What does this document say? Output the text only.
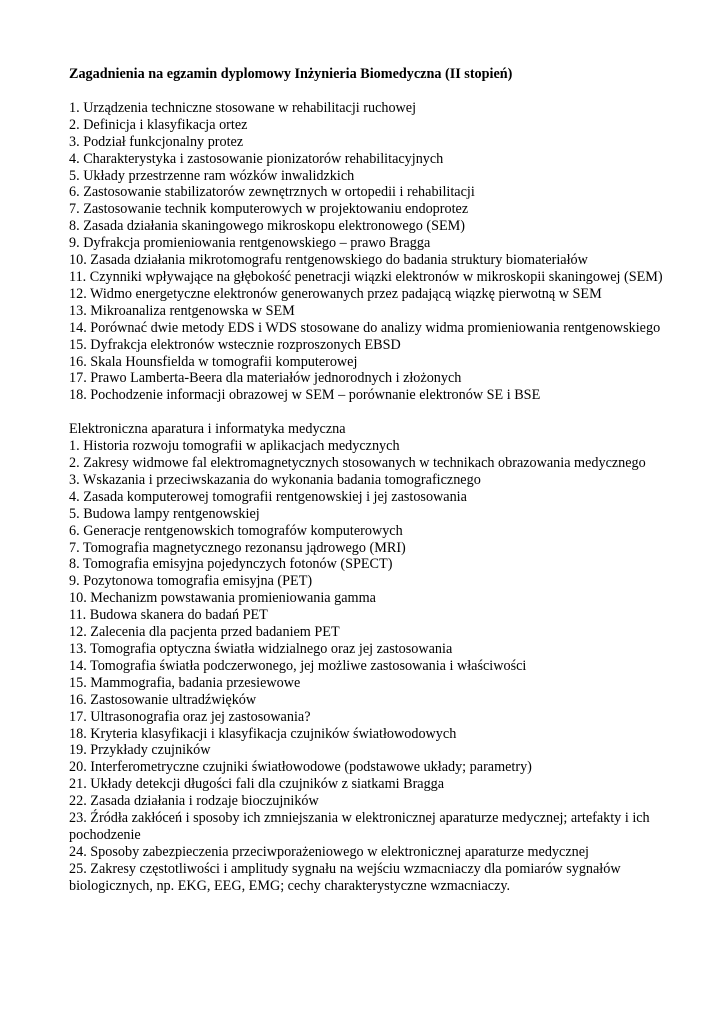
Zagadnienia na egzamin dyplomowy Inżynieria Biomedyczna (II stopień)
1. Urządzenia techniczne stosowane w rehabilitacji ruchowej
2. Definicja i klasyfikacja ortez
3. Podział funkcjonalny protez
4. Charakterystyka i zastosowanie pionizatorów rehabilitacyjnych
5. Układy przestrzenne ram wózków inwalidzkich
6. Zastosowanie stabilizatorów zewnętrznych w ortopedii i rehabilitacji
7. Zastosowanie technik komputerowych w projektowaniu endoprotez
8. Zasada działania skaningowego mikroskopu elektronowego (SEM)
9. Dyfrakcja promieniowania rentgenowskiego – prawo Bragga
10. Zasada działania mikrotomografu rentgenowskiego do badania struktury biomateriałów
11. Czynniki wpływające na głębokość penetracji wiązki elektronów w mikroskopii skaningowej (SEM)
12. Widmo energetyczne elektronów generowanych przez padającą wiązkę pierwotną w SEM
13. Mikroanaliza rentgenowska w SEM
14. Porównać dwie metody EDS i WDS stosowane do analizy widma promieniowania rentgenowskiego
15. Dyfrakcja elektronów wstecznie rozproszonych EBSD
16. Skala Hounsfielda w tomografii komputerowej
17. Prawo Lamberta-Beera dla materiałów jednorodnych i złożonych
18. Pochodzenie informacji obrazowej w SEM – porównanie elektronów SE i BSE
Elektroniczna aparatura i informatyka medyczna
1. Historia rozwoju tomografii w aplikacjach medycznych
2. Zakresy widmowe fal elektromagnetycznych stosowanych w technikach obrazowania medycznego
3. Wskazania i przeciwskazania do wykonania badania tomograficznego
4. Zasada komputerowej tomografii rentgenowskiej i jej zastosowania
5. Budowa lampy rentgenowskiej
6. Generacje rentgenowskich tomografów komputerowych
7. Tomografia magnetycznego rezonansu jądrowego (MRI)
8. Tomografia emisyjna pojedynczych fotonów (SPECT)
9. Pozytonowa tomografia emisyjna (PET)
10. Mechanizm powstawania promieniowania gamma
11. Budowa skanera do badań PET
12. Zalecenia dla pacjenta przed badaniem PET
13. Tomografia optyczna światła widzialnego oraz jej zastosowania
14. Tomografia światła podczerwonego, jej możliwe zastosowania i właściwości
15. Mammografia, badania przesiewowe
16. Zastosowanie ultradźwięków
17. Ultrasonografia oraz jej zastosowania?
18. Kryteria klasyfikacji i klasyfikacja czujników światłowodowych
19. Przykłady czujników
20. Interferometryczne czujniki światłowodowe (podstawowe układy; parametry)
21. Układy detekcji długości fali dla czujników z siatkami Bragga
22. Zasada działania i rodzaje bioczujników
23. Źródła zakłóceń i sposoby ich zmniejszania w elektronicznej aparaturze medycznej; artefakty i ich pochodzenie
24. Sposoby zabezpieczenia przeciwporażeniowego w elektronicznej aparaturze medycznej
25. Zakresy częstotliwości i amplitudy sygnału na wejściu wzmacniaczy dla pomiarów sygnałów biologicznych, np. EKG, EEG, EMG; cechy charakterystyczne wzmacniaczy.
